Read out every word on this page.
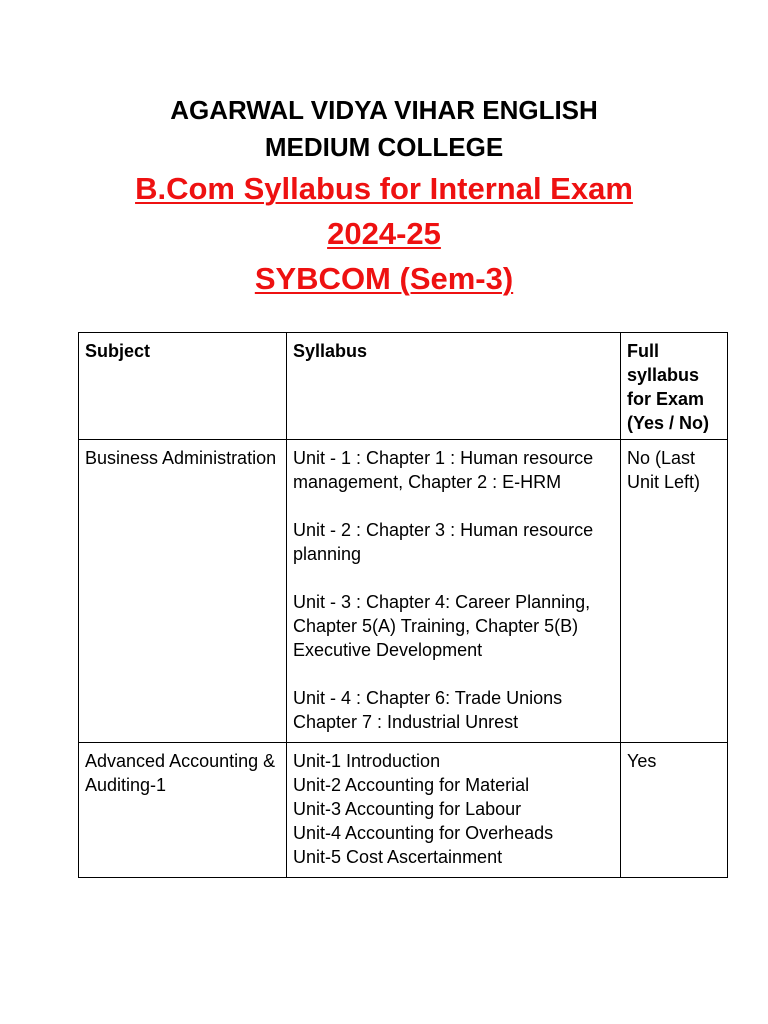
AGARWAL VIDYA VIHAR ENGLISH

MEDIUM COLLEGE

B.Com Syllabus for Internal Exam

2024-25

SYBCOM (Sem-3)

Subject	Syllabus	Full syllabus for Exam (Yes / No)
Business Administration	Unit - 1 : Chapter 1 : Human resource management, Chapter 2 : E-HRM
Unit - 2 : Chapter 3 : Human resource planning
Unit - 3 : Chapter 4: Career Planning, Chapter 5(A) Training, Chapter 5(B) Executive Development
Unit - 4 : Chapter 6: Trade Unions Chapter 7 : Industrial Unrest	No (Last Unit Left)
Advanced Accounting & Auditing-1	Unit-1 Introduction
Unit-2 Accounting for Material
Unit-3 Accounting for Labour
Unit-4 Accounting for Overheads
Unit-5 Cost Ascertainment	Yes
